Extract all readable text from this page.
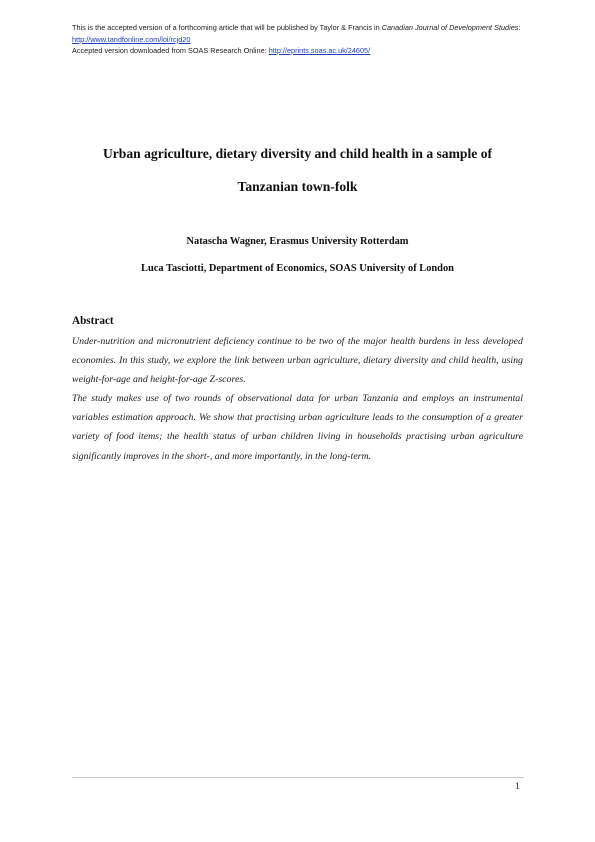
This is the accepted version of a forthcoming article that will be published by Taylor & Francis in Canadian Journal of Development Studies: http://www.tandfonline.com/loi/rcjd20
Accepted version downloaded from SOAS Research Online: http://eprints.soas.ac.uk/24605/
Urban agriculture, dietary diversity and child health in a sample of
Tanzanian town-folk
Natascha Wagner, Erasmus University Rotterdam
Luca Tasciotti, Department of Economics, SOAS University of London
Abstract

Under-nutrition and micronutrient deficiency continue to be two of the major health burdens in less developed economies. In this study, we explore the link between urban agriculture, dietary diversity and child health, using weight-for-age and height-for-age Z-scores.

The study makes use of two rounds of observational data for urban Tanzania and employs an instrumental variables estimation approach. We show that practising urban agriculture leads to the consumption of a greater variety of food items; the health status of urban children living in households practising urban agriculture significantly improves in the short-, and more importantly, in the long-term.

1
